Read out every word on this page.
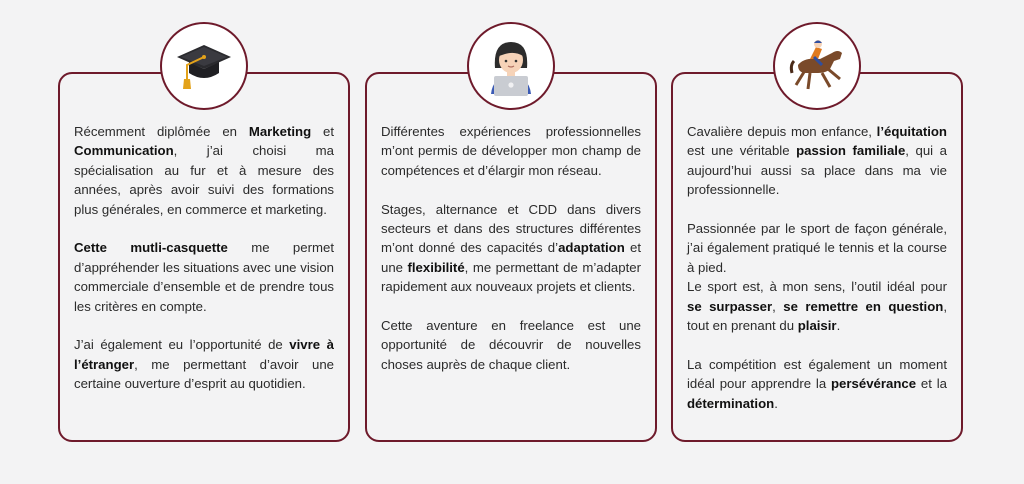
Récemment diplômée en Marketing et Communication, j’ai choisi ma spécialisation au fur et à mesure des années, après avoir suivi des formations plus générales, en commerce et marketing.

Cette mutli-casquette me permet d’appréhender les situations avec une vision commerciale d’ensemble et de prendre tous les critères en compte.

J’ai également eu l’opportunité de vivre à l’étranger, me permettant d’avoir une certaine ouverture d’esprit au quotidien.

Différentes expériences professionnelles m’ont permis de développer mon champ de compétences et d’élargir mon réseau.

Stages, alternance et CDD dans divers secteurs et dans des structures différentes m’ont donné des capacités d’adaptation et une flexibilité, me permettant de m’adapter rapidement aux nouveaux projets et clients.

Cette aventure en freelance est une opportunité de découvrir de nouvelles choses auprès de chaque client.

Cavalière depuis mon enfance, l’équitation est une véritable passion familiale, qui a aujourd’hui aussi sa place dans ma vie professionnelle.

Passionnée par le sport de façon générale, j’ai également pratiqué le tennis et la course à pied.

Le sport est, à mon sens, l’outil idéal pour se surpasser, se remettre en question, tout en prenant du plaisir.

La compétition est également un moment idéal pour apprendre la persévérance et la détermination.
